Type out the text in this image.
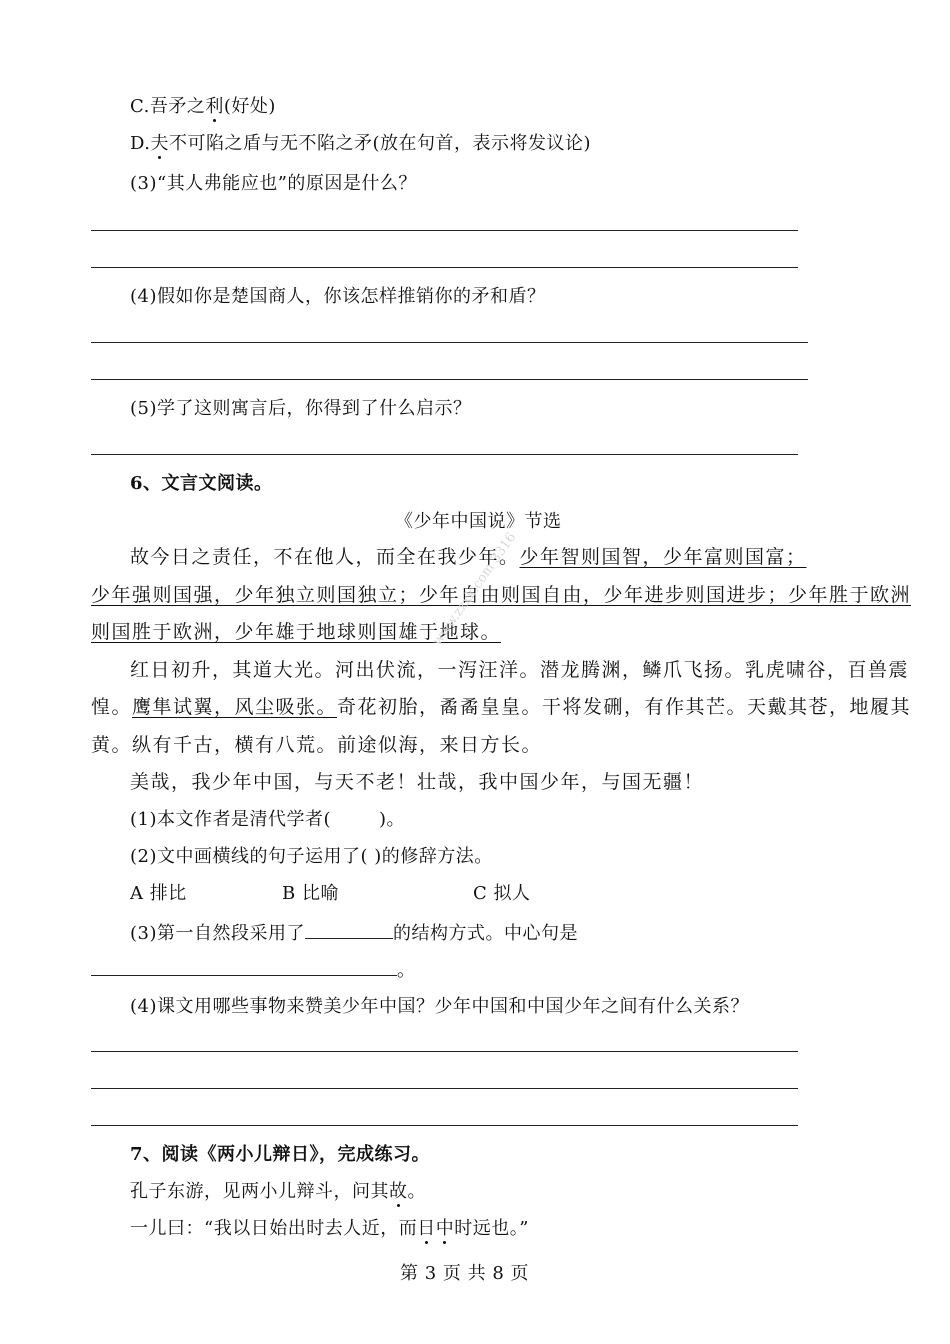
C.吾矛之利(好处)
D.夫不可陷之盾与无不陷之矛(放在句首，表示将发议论)
(3)“其人弗能应也”的原因是什么？
(4)假如你是楚国商人，你该怎样推销你的矛和盾？
(5)学了这则寓言后，你得到了什么启示？
6、文言文阅读。
《少年中国说》节选
故今日之责任，不在他人，而全在我少年。少年智则国智，少年富则国富；
少年强则国强，少年独立则国独立；少年自由则国自由，少年进步则国进步；少年胜于欧洲
则国胜于欧洲，少年雄于地球则国雄于地球。
红日初升，其道大光。河出伏流，一泻汪洋。潜龙腾渊，鳞爪飞扬。乳虎啸谷，百兽震
惶。鹰隼试翼，风尘吸张。奇花初胎，矞矞皇皇。干将发硎，有作其芒。天戴其苍，地履其
黄。纵有千古，横有八荒。前途似海，来日方长。
美哉，我少年中国，与天不老！壮哉，我中国少年，与国无疆！
(1)本文作者是清代学者(	)。
(2)文中画横线的句子运用了( )的修辞方法。
A 排比	B 比喻	C 拟人
(3)第一自然段采用了	的结构方式。中心句是
。
(4)课文用哪些事物来赞美少年中国？少年中国和中国少年之间有什么关系？
7、阅读《两小儿辩日》，完成练习。
孔子东游，见两小儿辩斗，问其故。
一儿曰：“我以日始出时去人近，而日中时远也。”
第 3 页 共 8 页
www.zxxk.com 3316
